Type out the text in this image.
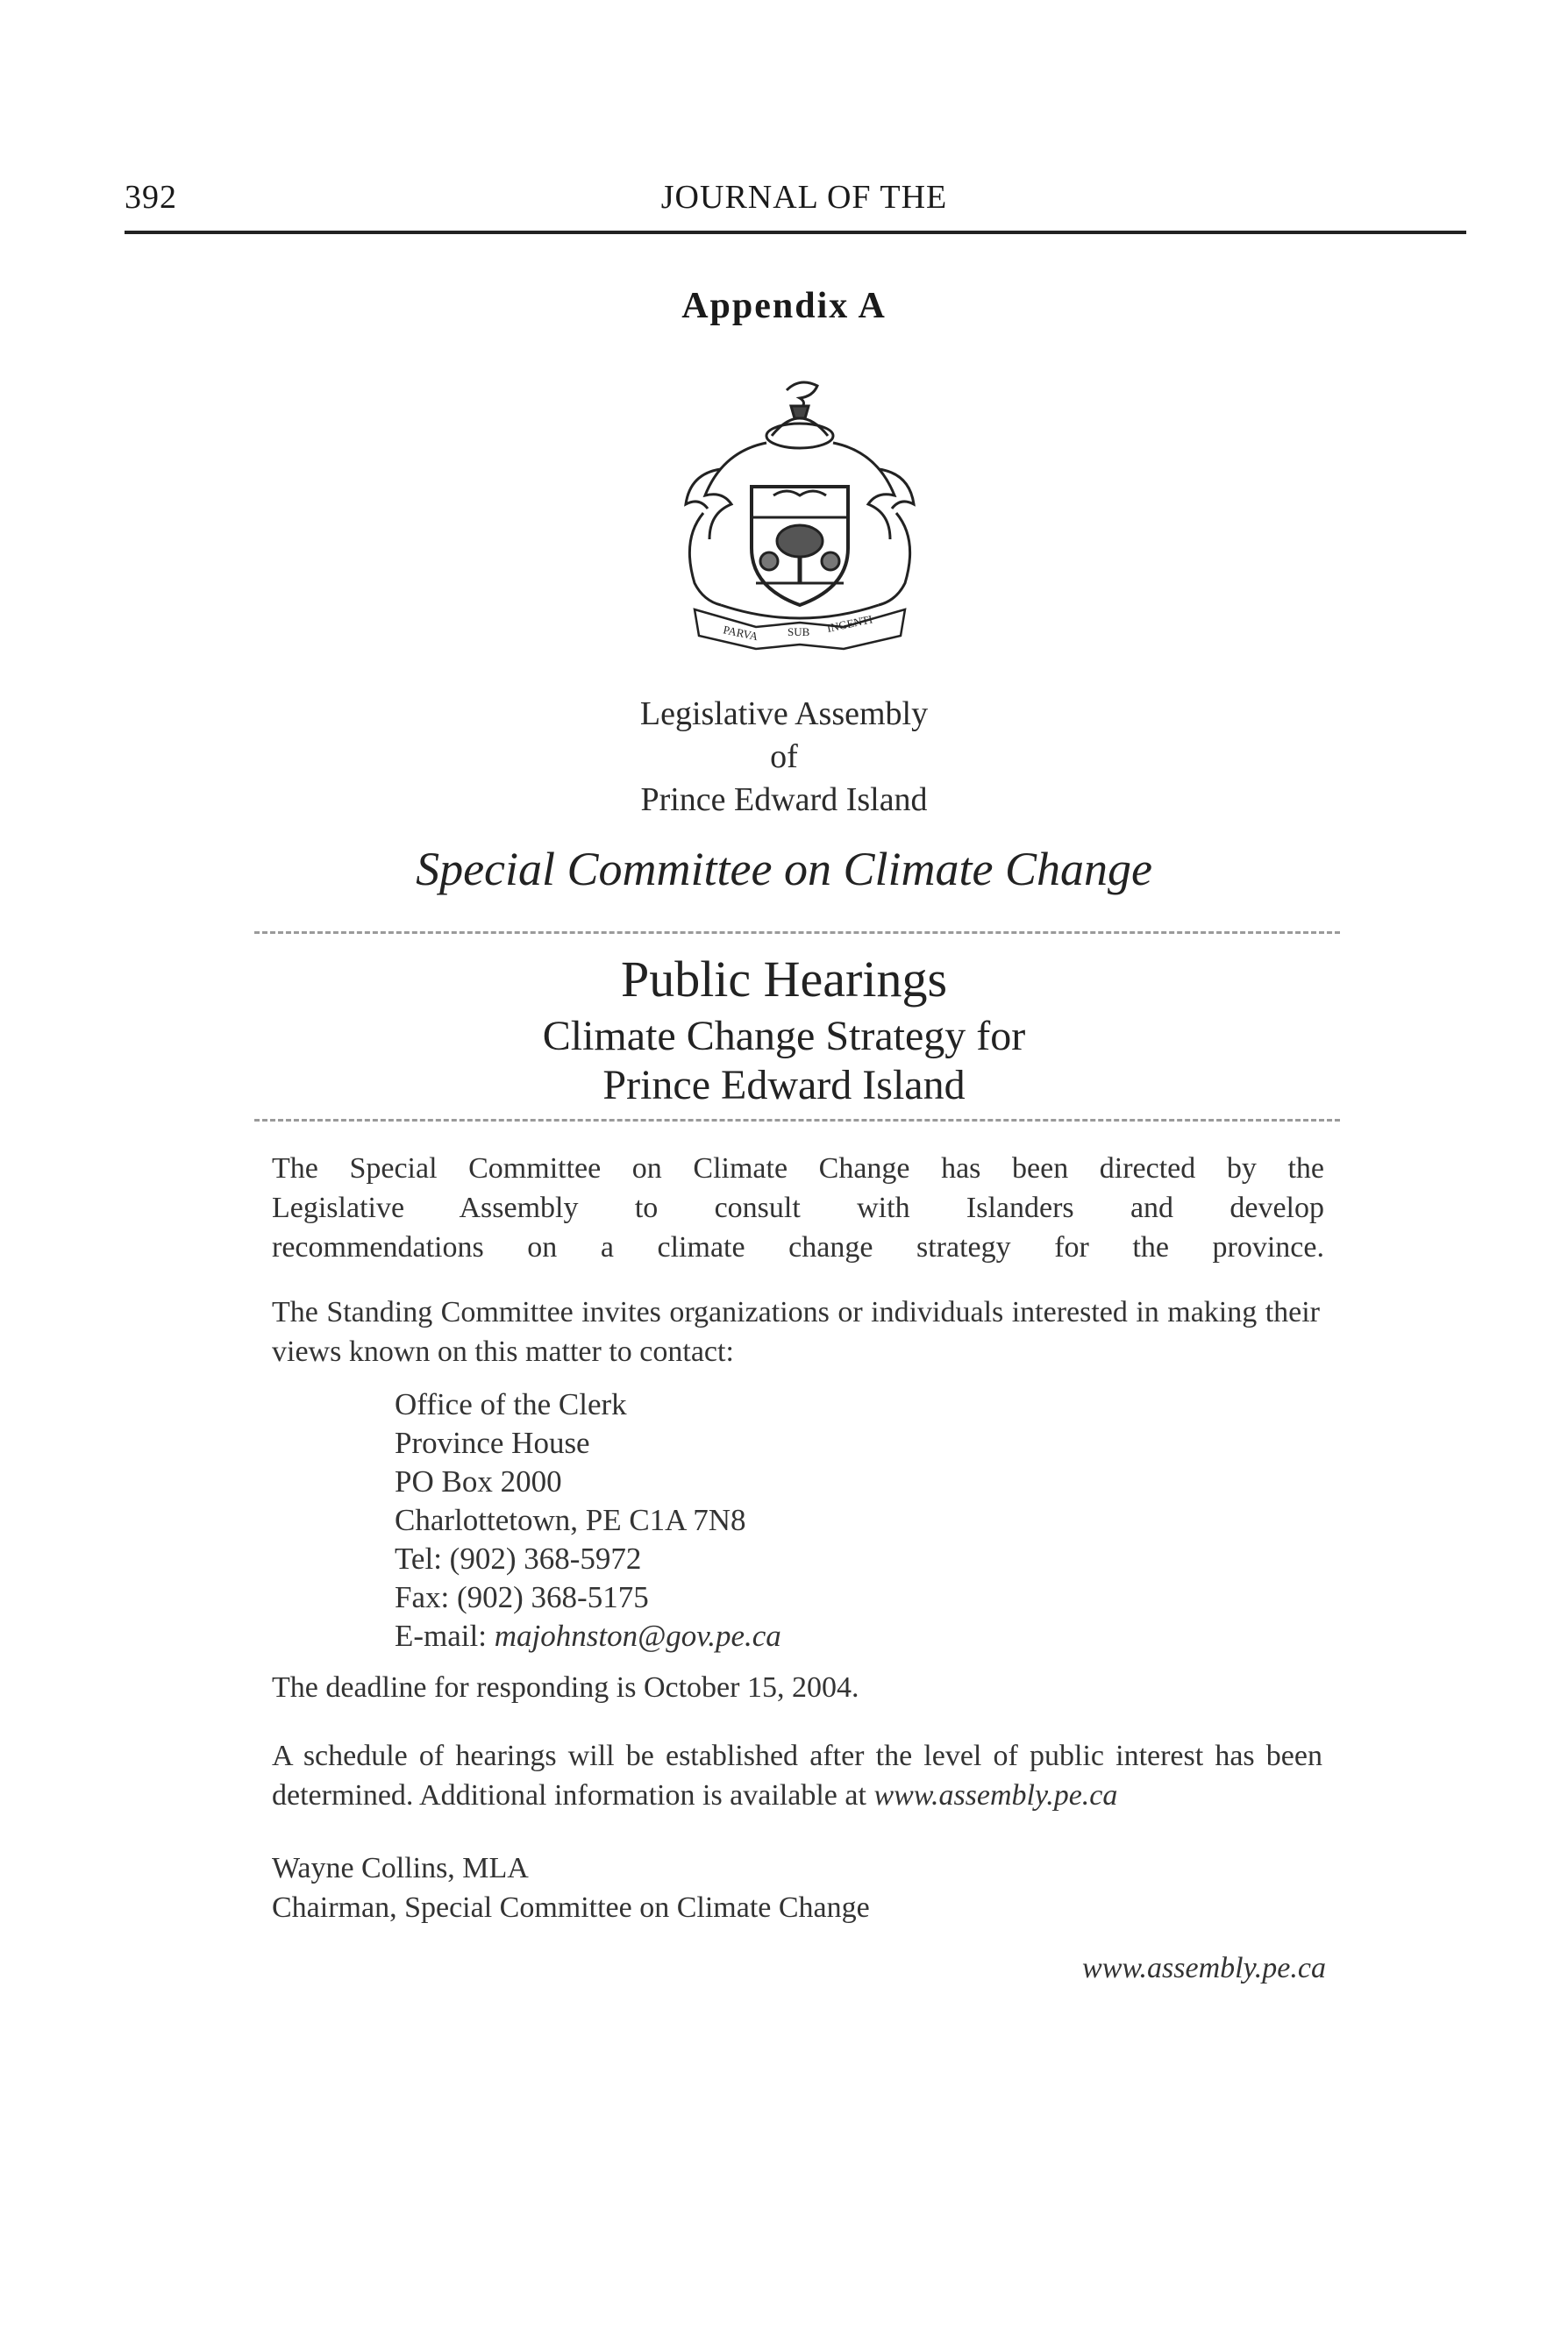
392	JOURNAL OF THE
Appendix A
PARVA SUB INGENTI
Legislative Assembly
of
Prince Edward Island
Special Committee on Climate Change
Public Hearings
Climate Change Strategy for
Prince Edward Island
The Special Committee on Climate Change has been directed by the
Legislative Assembly to consult with Islanders and develop
recommendations on a climate change strategy for the province.
The Standing Committee invites organizations or individuals interested in making their views known on this matter to contact:
Office of the Clerk
Province House
PO Box 2000
Charlottetown, PE C1A 7N8
Tel: (902) 368-5972
Fax: (902) 368-5175
E-mail: majohnston@gov.pe.ca
The deadline for responding is October 15, 2004.
A schedule of hearings will be established after the level of public interest has been determined. Additional information is available at www.assembly.pe.ca
Wayne Collins, MLA
Chairman, Special Committee on Climate Change
www.assembly.pe.ca
